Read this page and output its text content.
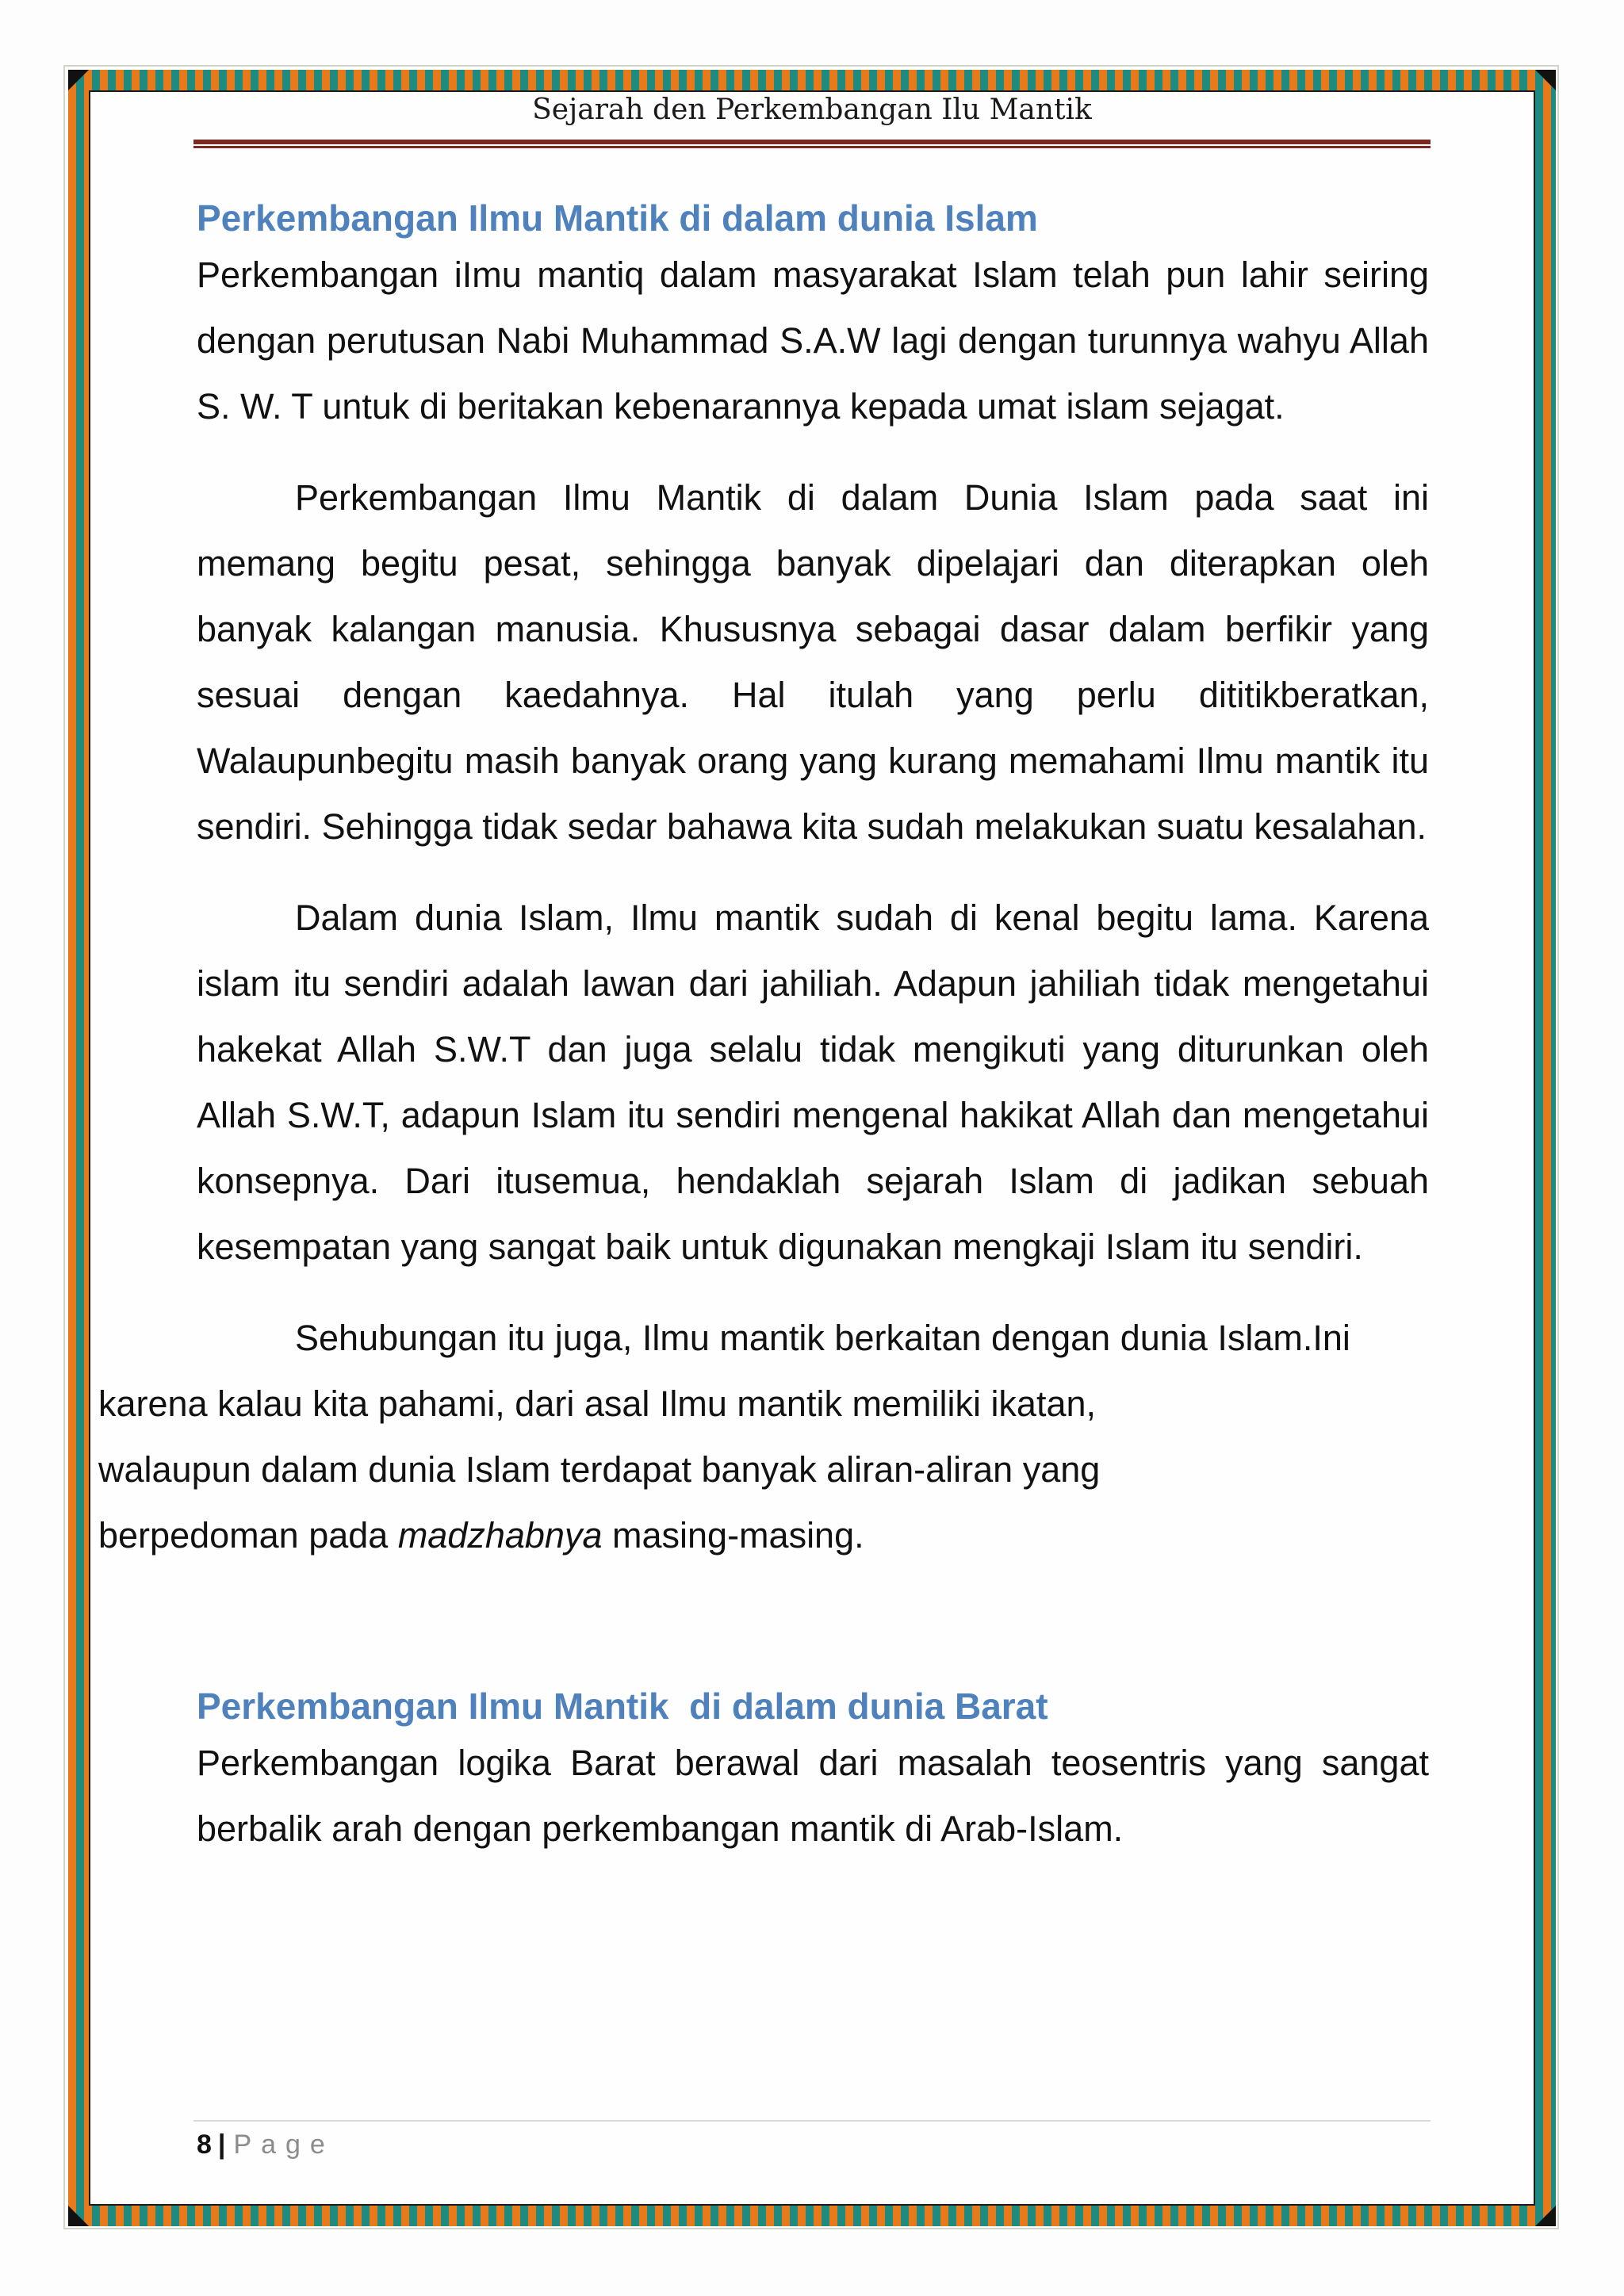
Sejarah den Perkembangan Ilu Mantik
Perkembangan Ilmu Mantik di dalam dunia Islam

Perkembangan iImu mantiq dalam masyarakat Islam telah pun lahir seiring dengan perutusan Nabi Muhammad S.A.W lagi dengan turunnya wahyu Allah S. W. T untuk di beritakan kebenarannya kepada umat islam sejagat.

Perkembangan Ilmu Mantik di dalam Dunia Islam pada saat ini memang begitu pesat, sehingga banyak dipelajari dan diterapkan oleh banyak kalangan manusia. Khususnya sebagai dasar dalam berfikir yang sesuai dengan kaedahnya. Hal itulah yang perlu dititikberatkan, Walaupunbegitu masih banyak orang yang kurang memahami Ilmu mantik itu sendiri. Sehingga tidak sedar bahawa kita sudah melakukan suatu kesalahan.

Dalam dunia Islam, Ilmu mantik sudah di kenal begitu lama. Karena islam itu sendiri adalah lawan dari jahiliah. Adapun jahiliah tidak mengetahui hakekat Allah S.W.T dan juga selalu tidak mengikuti yang diturunkan oleh Allah S.W.T, adapun Islam itu sendiri mengenal hakikat Allah dan mengetahui konsepnya. Dari itusemua, hendaklah sejarah Islam di jadikan sebuah kesempatan yang sangat baik untuk digunakan mengkaji Islam itu sendiri.

Sehubungan itu juga, Ilmu mantik berkaitan dengan dunia Islam.Ini
karena kalau kita pahami, dari asal Ilmu mantik memiliki ikatan,
walaupun dalam dunia Islam terdapat banyak aliran-aliran yang
berpedoman pada madzhabnya masing-masing.

Perkembangan Ilmu Mantik  di dalam dunia Barat

Perkembangan logika Barat berawal dari masalah teosentris yang sangat berbalik arah dengan perkembangan mantik di Arab-Islam.

8 | Page
